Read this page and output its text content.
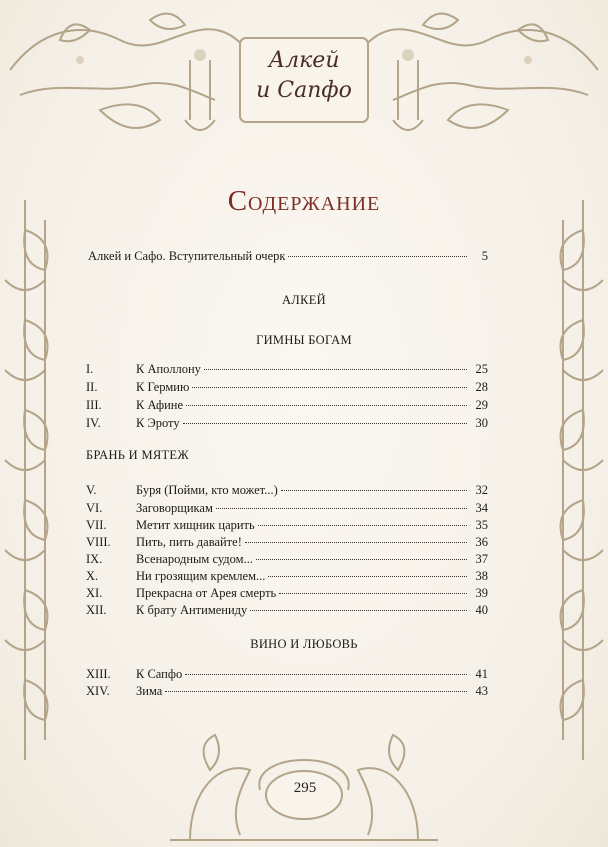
Алкей
и Сапфо
Содержание
Алкей и Сафо. Вступительный очерк	5
АЛКЕЙ
ГИМНЫ БОГАМ
I.	К Аполлону	25
II.	К Гермию	28
III.	К Афине	29
IV.	К Эроту	30
БРАНЬ И МЯТЕЖ
V.	Буря (Пойми, кто может...)	32
VI.	Заговорщикам	34
VII.	Метит хищник царить	35
VIII.	Пить, пить давайте!	36
IX.	Всенародным судом...	37
X.	Ни грозящим кремлем...	38
XI.	Прекрасна от Арея смерть	39
XII.	К брату Антимениду	40
ВИНО И ЛЮБОВЬ
XIII.	К Сапфо	41
XIV.	Зима	43
295
